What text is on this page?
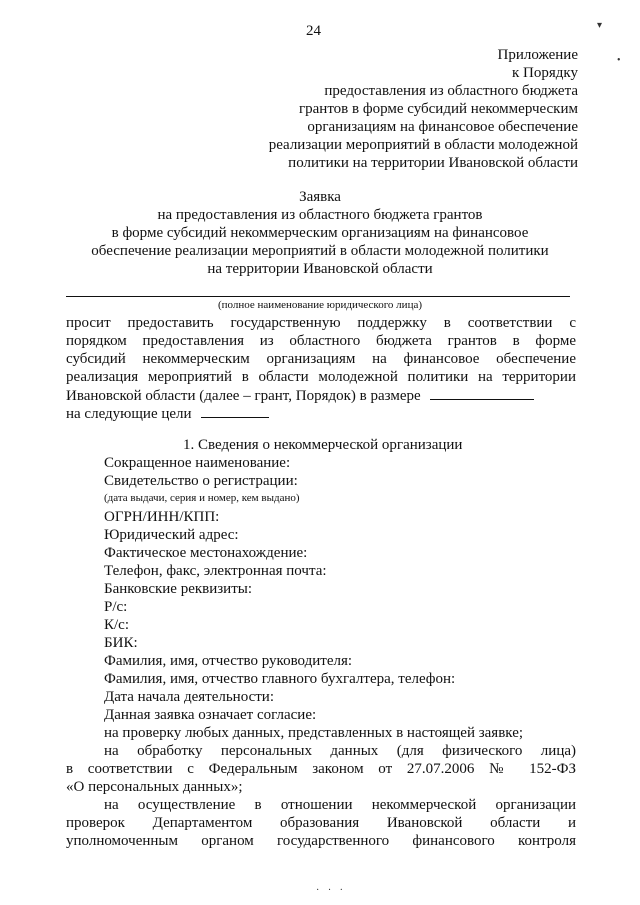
24	▾
•
Приложение
к Порядку
предоставления из областного бюджета
грантов в форме субсидий некоммерческим
организациям на финансовое обеспечение
реализации мероприятий в области молодежной
политики на территории Ивановской области
Заявка
на предоставления из областного бюджета грантов
в форме субсидий некоммерческим организациям на финансовое
обеспечение реализации мероприятий в области молодежной политики
на территории Ивановской области
(полное наименование юридического лица)
просит предоставить государственную поддержку в соответствии с
порядком предоставления из областного бюджета грантов в форме
субсидий некоммерческим организациям на финансовое обеспечение
реализация мероприятий в области молодежной политики на территории
Ивановской области (далее – грант, Порядок) в размере
на следующие цели
1. Сведения о некоммерческой организации
Сокращенное наименование:
Свидетельство о регистрации:
(дата выдачи, серия и номер, кем выдано)
ОГРН/ИНН/КПП:
Юридический адрес:
Фактическое местонахождение:
Телефон, факс, электронная почта:
Банковские реквизиты:
Р/с:
К/с:
БИК:
Фамилия, имя, отчество руководителя:
Фамилия, имя, отчество главного бухгалтера, телефон:
Дата начала деятельности:
Данная заявка означает согласие:
на проверку любых данных, представленных в настоящей заявке;
на обработку персональных данных (для физического лица)
в соответствии с Федеральным законом от 27.07.2006 № 152-ФЗ
«О персональных данных»;
на осуществление в отношении некоммерческой организации
проверок Департаментом образования Ивановской области и
уполномоченным органом государственного финансового контроля
· · ·
